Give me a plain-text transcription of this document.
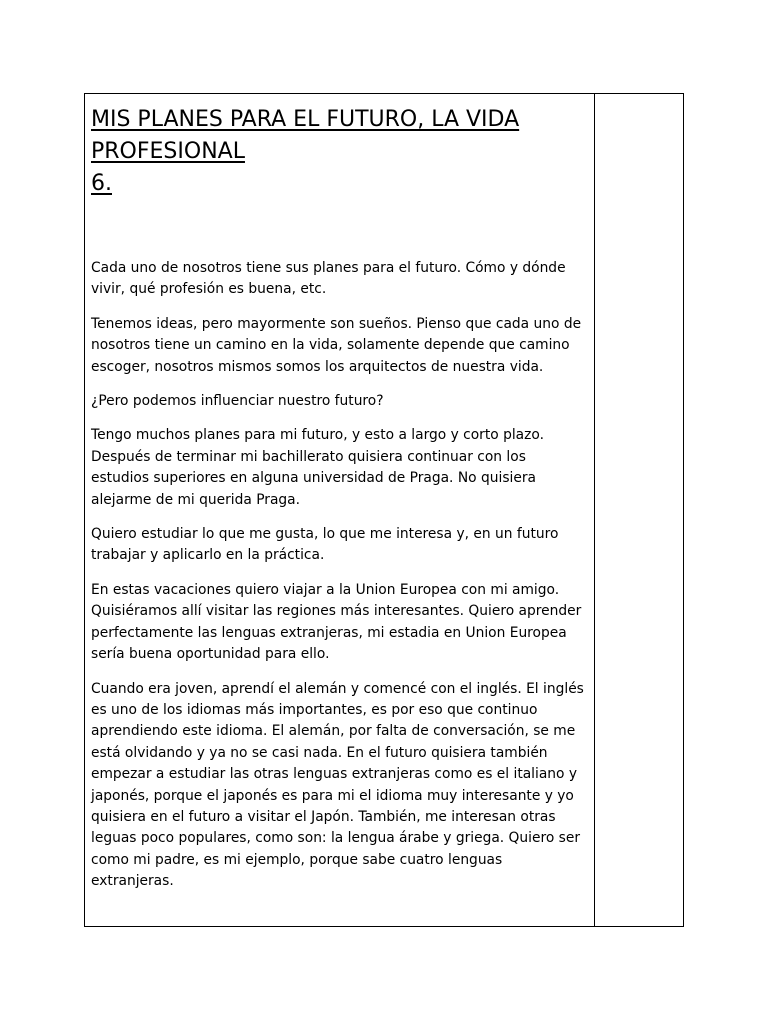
MIS PLANES PARA EL FUTURO, LA VIDA
PROFESIONAL
6.

Cada uno de nosotros tiene sus planes para el futuro. Cómo y dónde vivir, qué profesión es buena, etc.

Tenemos ideas, pero mayormente son sueños. Pienso que cada uno de nosotros tiene un camino en la vida, solamente depende que camino escoger, nosotros mismos somos los arquitectos de nuestra vida.

¿Pero podemos influenciar nuestro futuro?

Tengo muchos planes para mi futuro, y esto a largo y corto plazo. Después de terminar mi bachillerato quisiera continuar con los estudios superiores en alguna universidad de Praga. No quisiera alejarme de mi querida Praga.

Quiero estudiar lo que me gusta, lo que me interesa y, en un futuro trabajar y aplicarlo en la práctica.

En estas vacaciones quiero viajar a la Union Europea con mi amigo. Quisiéramos allí visitar las regiones más interesantes. Quiero aprender perfectamente las lenguas extranjeras, mi estadia en Union Europea sería buena oportunidad para ello.

Cuando era joven, aprendí el alemán y comencé con el inglés. El inglés es uno de los idiomas más importantes, es por eso que continuo aprendiendo este idioma. El alemán, por falta de conversación, se me está olvidando y ya no se casi nada. En el futuro quisiera también empezar a estudiar las otras lenguas extranjeras como es el italiano y japonés, porque el japonés es para mi el idioma muy interesante y yo quisiera en el futuro a visitar el Japón. También, me interesan otras leguas poco populares, como son: la lengua árabe y griega. Quiero ser como mi padre, es mi ejemplo, porque sabe cuatro lenguas extranjeras.
